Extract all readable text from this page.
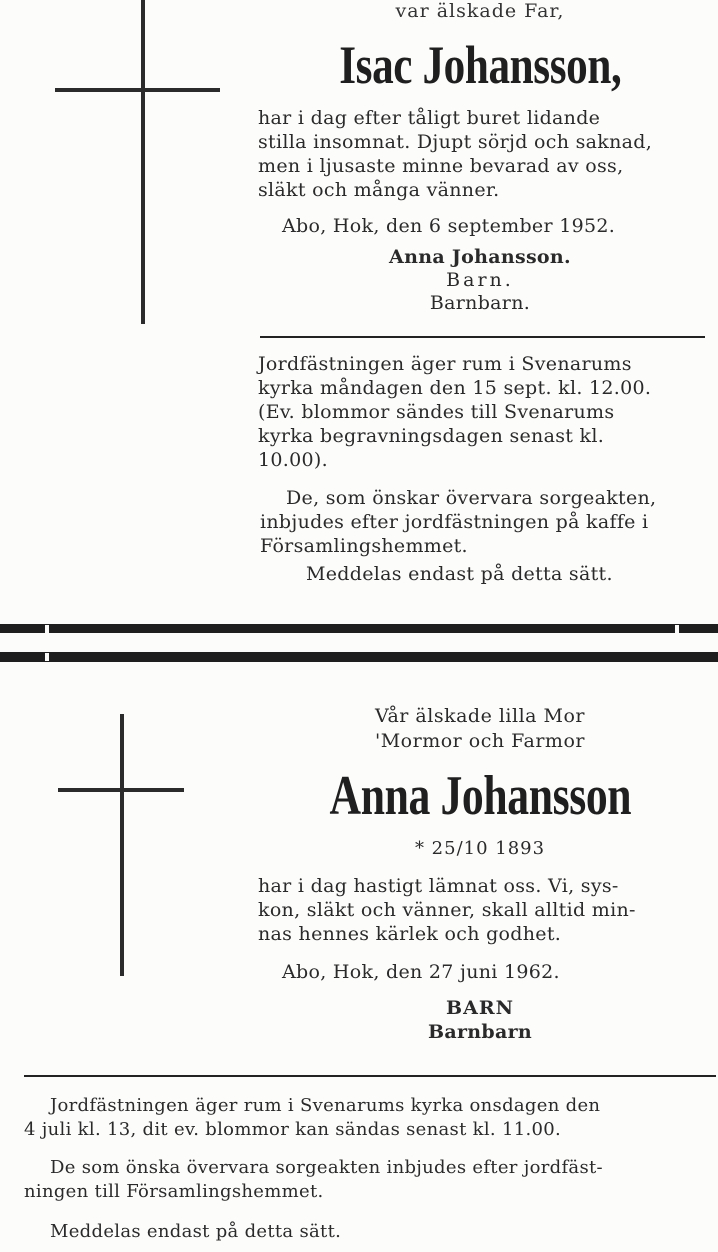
var älskade Far,
Isac Johansson,
har i dag efter tåligt buret lidande
stilla insomnat. Djupt sörjd och saknad,
men i ljusaste minne bevarad av oss,
släkt och många vänner.
Abo, Hok, den 6 september 1952.
Anna Johansson.
Barn.
Barnbarn.
Jordfästningen äger rum i Svenarums
kyrka måndagen den 15 sept. kl. 12.00.
(Ev. blommor sändes till Svenarums
kyrka begravningsdagen senast kl.
10.00).
De, som önskar övervara sorgeakten,
inbjudes efter jordfästningen på kaffe i
Församlingshemmet.
Meddelas endast på detta sätt.
Vår älskade lilla Mor
'Mormor och Farmor
Anna Johansson
* 25/10 1893
har i dag hastigt lämnat oss. Vi, sys-
kon, släkt och vänner, skall alltid min-
nas hennes kärlek och godhet.
Abo, Hok, den 27 juni 1962.
BARN
Barnbarn
Jordfästningen äger rum i Svenarums kyrka onsdagen den
4 juli kl. 13, dit ev. blommor kan sändas senast kl. 11.00.
De som önska övervara sorgeakten inbjudes efter jordfäst-
ningen till Församlingshemmet.
Meddelas endast på detta sätt.
